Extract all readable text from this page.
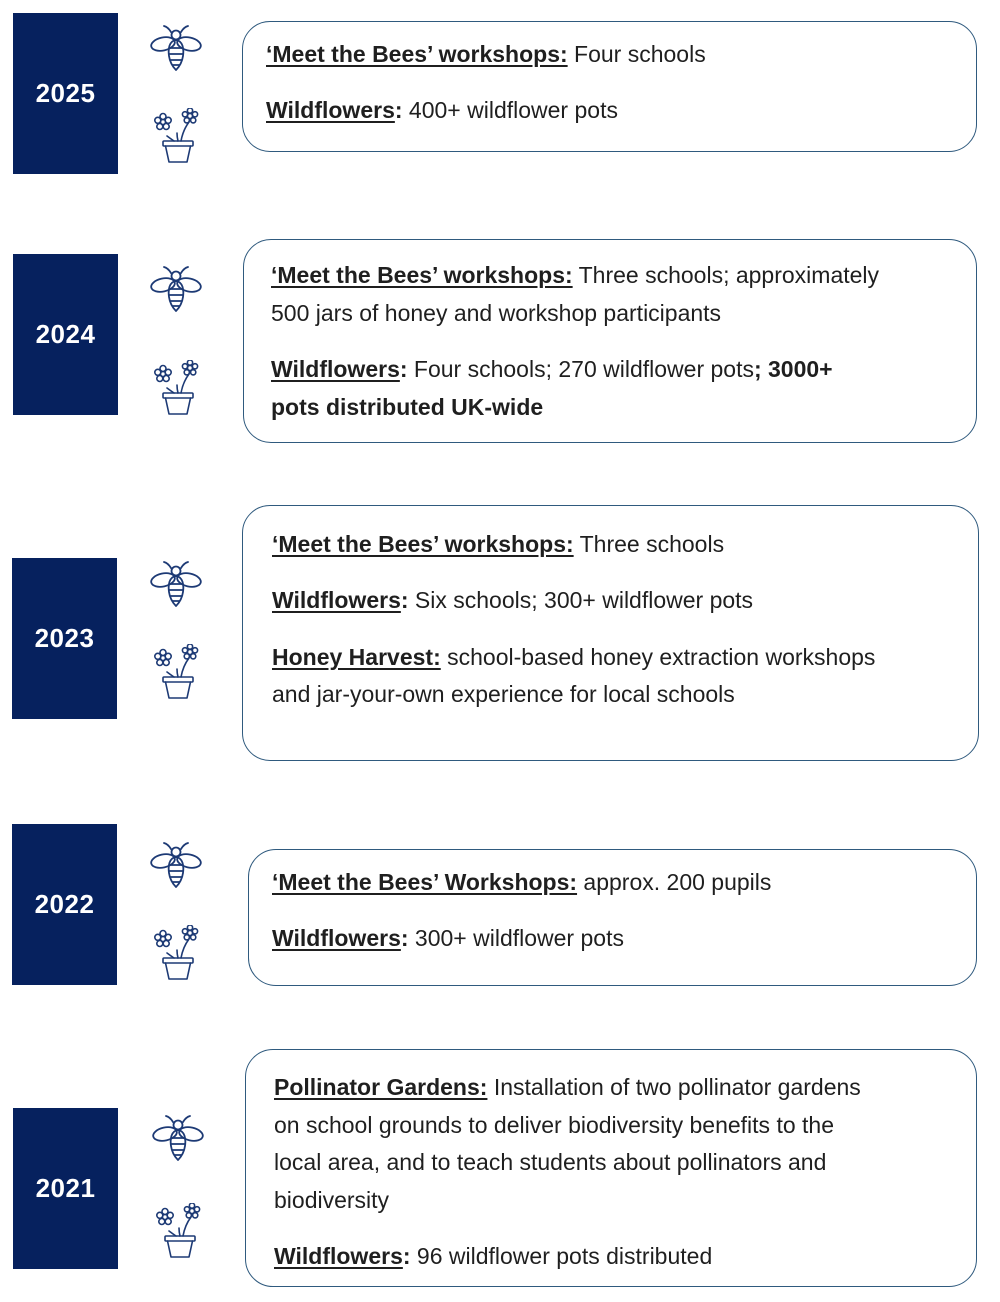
2025

‘Meet the Bees’ workshops: Four schools

Wildflowers: 400+ wildflower pots

2024

‘Meet the Bees’ workshops: Three schools; approximately

500 jars of honey and workshop participants

Wildflowers: Four schools; 270 wildflower pots; 3000+

pots distributed UK-wide

2023

‘Meet the Bees’ workshops: Three schools

Wildflowers: Six schools; 300+ wildflower pots

Honey Harvest: school-based honey extraction workshops

and jar-your-own experience for local schools

2022

‘Meet the Bees’ Workshops: approx. 200 pupils

Wildflowers: 300+ wildflower pots

2021

Pollinator Gardens: Installation of two pollinator gardens

on school grounds to deliver biodiversity benefits to the

local area, and to teach students about pollinators and

biodiversity

Wildflowers: 96 wildflower pots distributed
